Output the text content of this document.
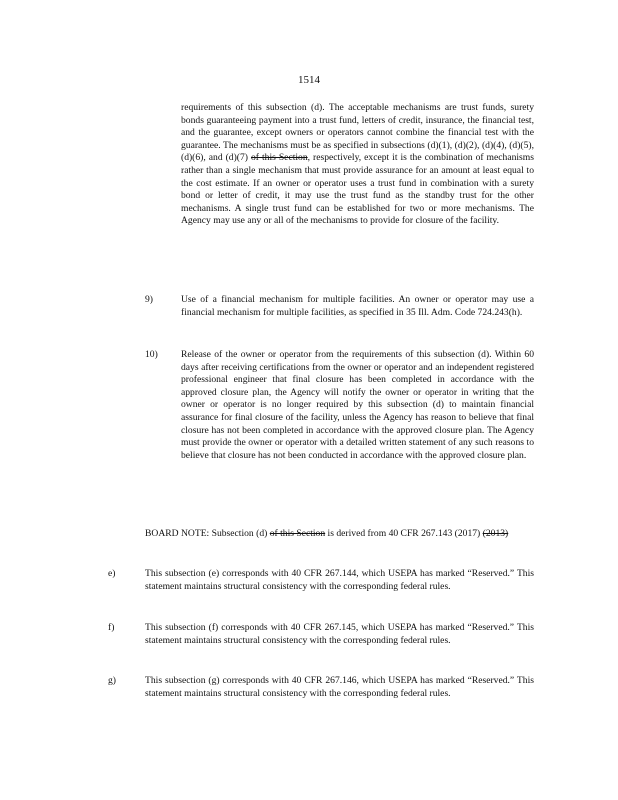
1514

requirements of this subsection (d). The acceptable mechanisms are trust funds, surety bonds guaranteeing payment into a trust fund, letters of credit, insurance, the financial test, and the guarantee, except owners or operators cannot combine the financial test with the guarantee. The mechanisms must be as specified in subsections (d)(1), (d)(2), (d)(4), (d)(5), (d)(6), and (d)(7) of this Section, respectively, except it is the combination of mechanisms rather than a single mechanism that must provide assurance for an amount at least equal to the cost estimate. If an owner or operator uses a trust fund in combination with a surety bond or letter of credit, it may use the trust fund as the standby trust for the other mechanisms. A single trust fund can be established for two or more mechanisms. The Agency may use any or all of the mechanisms to provide for closure of the facility.

9)	Use of a financial mechanism for multiple facilities. An owner or operator may use a financial mechanism for multiple facilities, as specified in 35 Ill. Adm. Code 724.243(h).

10) Release of the owner or operator from the requirements of this subsection (d). Within 60 days after receiving certifications from the owner or operator and an independent registered professional engineer that final closure has been completed in accordance with the approved closure plan, the Agency will notify the owner or operator in writing that the owner or operator is no longer required by this subsection (d) to maintain financial assurance for final closure of the facility, unless the Agency has reason to believe that final closure has not been completed in accordance with the approved closure plan. The Agency must provide the owner or operator with a detailed written statement of any such reasons to believe that closure has not been conducted in accordance with the approved closure plan.

BOARD NOTE: Subsection (d) of this Section is derived from 40 CFR 267.143 (2017) (2013)

e)	This subsection (e) corresponds with 40 CFR 267.144, which USEPA has marked “Reserved.” This statement maintains structural consistency with the corresponding federal rules.

f)	This subsection (f) corresponds with 40 CFR 267.145, which USEPA has marked “Reserved.” This statement maintains structural consistency with the corresponding federal rules.

g)	This subsection (g) corresponds with 40 CFR 267.146, which USEPA has marked “Reserved.” This statement maintains structural consistency with the corresponding federal rules.
